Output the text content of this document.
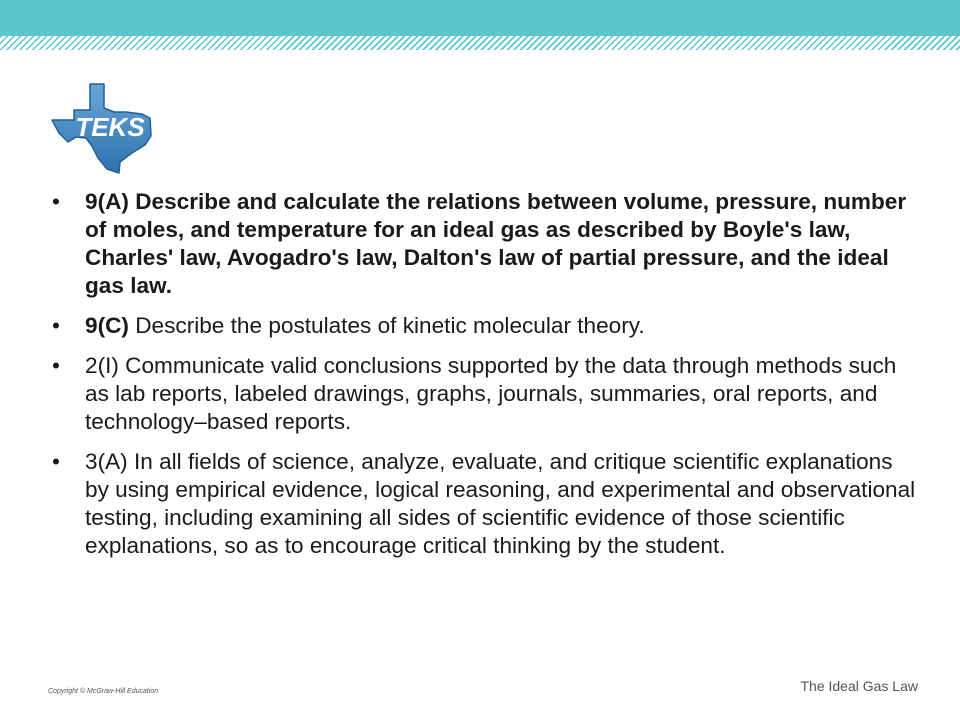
TEKS
• 9(A) Describe and calculate the relations between volume, pressure, number of moles, and temperature for an ideal gas as described by Boyle's law, Charles' law, Avogadro's law, Dalton's law of partial pressure, and the ideal gas law.
• 9(C) Describe the postulates of kinetic molecular theory.
• 2(I) Communicate valid conclusions supported by the data through methods such as lab reports, labeled drawings, graphs, journals, summaries, oral reports, and technology–based reports.
• 3(A) In all fields of science, analyze, evaluate, and critique scientific explanations by using empirical evidence, logical reasoning, and experimental and observational testing, including examining all sides of scientific evidence of those scientific explanations, so as to encourage critical thinking by the student.
Copyright © McGraw-Hill Education	The Ideal Gas Law
